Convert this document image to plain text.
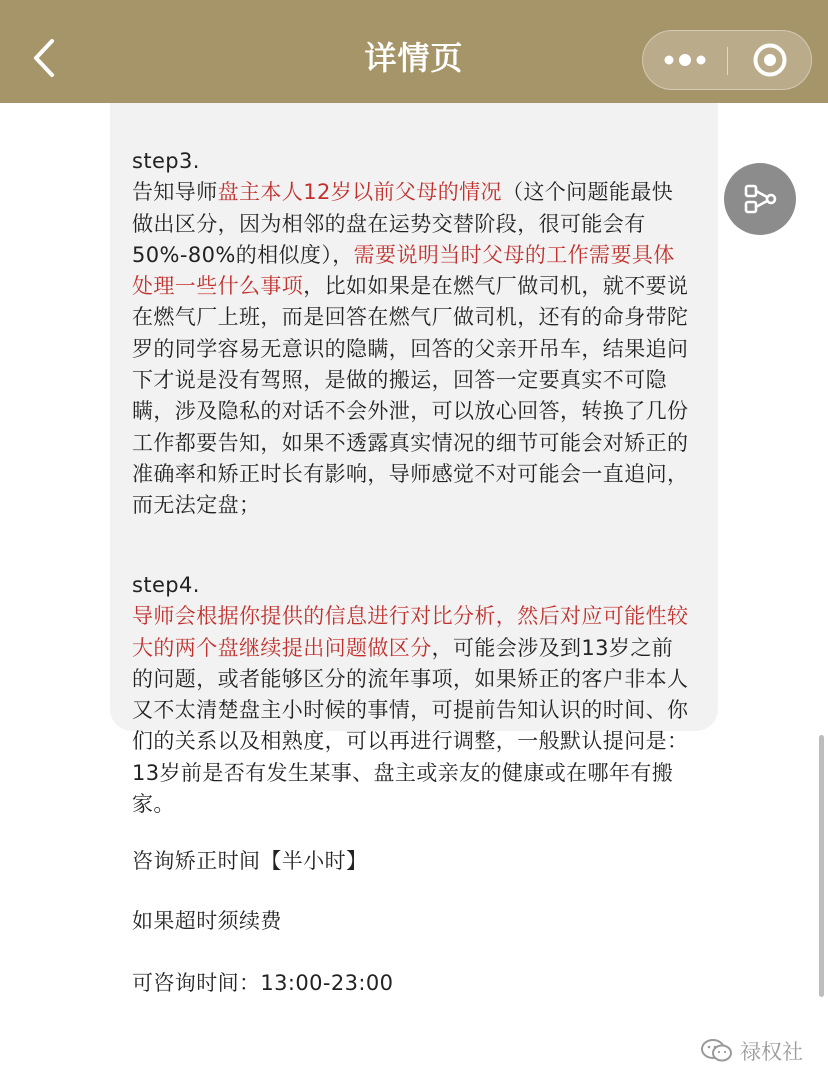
详情页

step3.

告知导师盘主本人12岁以前父母的情况（这个问题能最快做出区分，因为相邻的盘在运势交替阶段，很可能会有50%-80%的相似度），需要说明当时父母的工作需要具体处理一些什么事项，比如如果是在燃气厂做司机，就不要说在燃气厂上班，而是回答在燃气厂做司机，还有的命身带陀罗的同学容易无意识的隐瞒，回答的父亲开吊车，结果追问下才说是没有驾照，是做的搬运，回答一定要真实不可隐瞒，涉及隐私的对话不会外泄，可以放心回答，转换了几份工作都要告知，如果不透露真实情况的细节可能会对矫正的准确率和矫正时长有影响，导师感觉不对可能会一直追问，而无法定盘；

step4.

导师会根据你提供的信息进行对比分析，然后对应可能性较大的两个盘继续提出问题做区分，可能会涉及到13岁之前的问题，或者能够区分的流年事项，如果矫正的客户非本人又不太清楚盘主小时候的事情，可提前告知认识的时间、你们的关系以及相熟度，可以再进行调整，一般默认提问是：13岁前是否有发生某事、盘主或亲友的健康或在哪年有搬家。

咨询矫正时间【半小时】
如果超时须续费
可咨询时间：13:00-23:00
禄权社
